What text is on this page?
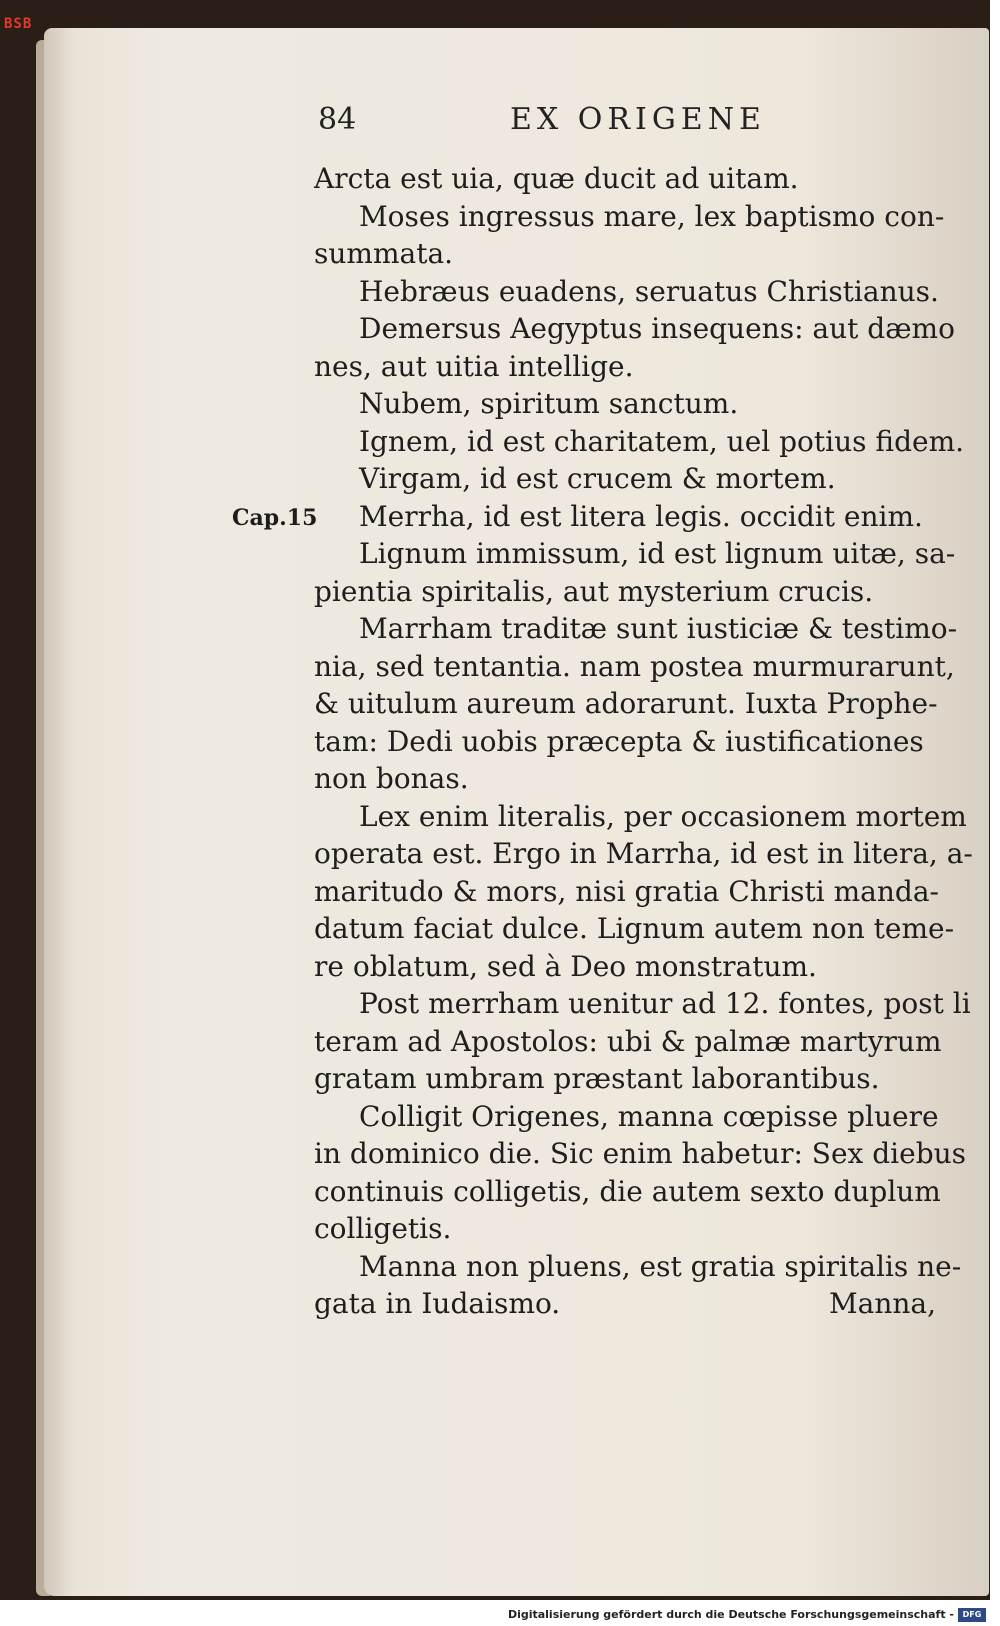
BSB
84	EX ORIGENE
Cap.15
Arcta est uia, quæ ducit ad uitam.
Moses ingressus mare, lex baptismo con-
summata.
Hebræus euadens, seruatus Christianus.
Demersus Aegyptus insequens: aut dæmo
nes, aut uitia intellige.
Nubem, spiritum sanctum.
Ignem, id est charitatem, uel potius fidem.
Virgam, id est crucem & mortem.
Merrha, id est litera legis. occidit enim.
Lignum immissum, id est lignum uitæ, sa-
pientia spiritalis, aut mysterium crucis.
Marrham traditæ sunt iusticiæ & testimo-
nia, sed tentantia. nam postea murmurarunt,
& uitulum aureum adorarunt. Iuxta Prophe-
tam: Dedi uobis præcepta & iustificationes
non bonas.
Lex enim literalis, per occasionem mortem
operata est. Ergo in Marrha, id est in litera, a-
maritudo & mors, nisi gratia Christi manda-
datum faciat dulce. Lignum autem non teme-
re oblatum, sed à Deo monstratum.
Post merrham uenitur ad 12. fontes, post li
teram ad Apostolos: ubi & palmæ martyrum
gratam umbram præstant laborantibus.
Colligit Origenes, manna cœpisse pluere
in dominico die. Sic enim habetur: Sex diebus
continuis colligetis, die autem sexto duplum
colligetis.
Manna non pluens, est gratia spiritalis ne-
gata in Iudaismo.	Manna,
Digitalisierung gefördert durch die Deutsche Forschungsgemeinschaft -	DFG
